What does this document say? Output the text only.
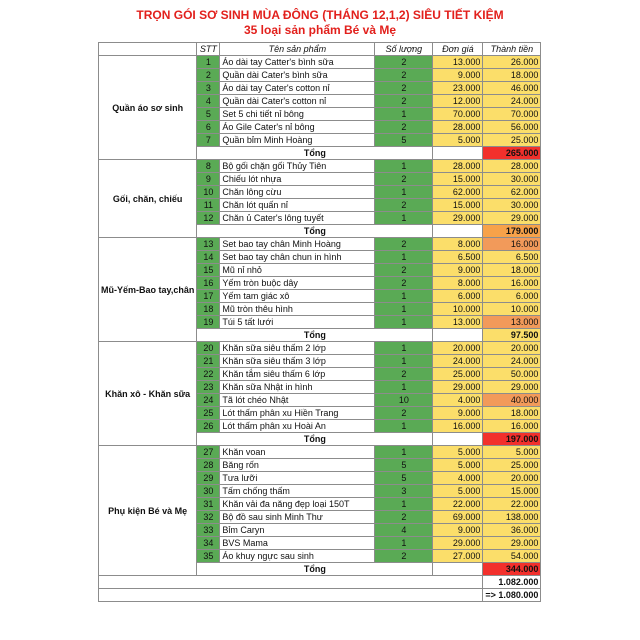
TRỌN GÓI SƠ SINH MÙA ĐÔNG (THÁNG 12,1,2) SIÊU TIẾT KIỆM
35 loại sản phẩm Bé và Mẹ
	STT	Tên sản phẩm	Số lượng	Đơn giá	Thành tiền
Quần áo sơ sinh	1	Áo dài tay Catter's bình sữa	2	13.000	26.000
	2	Quần dài Cater's bình sữa	2	9.000	18.000
	3	Áo dài tay Cater's cotton nỉ	2	23.000	46.000
	4	Quần dài Cater's cotton nỉ	2	12.000	24.000
	5	Set 5 chi tiết nỉ bông	1	70.000	70.000
	6	Áo Gile Cater's nỉ bông	2	28.000	56.000
	7	Quần bỉm Minh Hoàng	5	5.000	25.000
	Tổng				265.000
Gối, chăn, chiếu	8	Bộ gối chặn gối Thủy Tiên	1	28.000	28.000
	9	Chiếu lót nhựa	2	15.000	30.000
	10	Chăn lông cừu	1	62.000	62.000
	11	Chăn lót quấn nỉ	2	15.000	30.000
	12	Chăn ủ Cater's lông tuyết	1	29.000	29.000
	Tổng				179.000
Mũ-Yếm-Bao tay,chân	13	Set bao tay chân Minh Hoàng	2	8.000	16.000
	14	Set bao tay chân chun in hình	1	6.500	6.500
	15	Mũ nỉ nhỏ	2	9.000	18.000
	16	Yếm tròn buộc dây	2	8.000	16.000
	17	Yếm tam giác xô	1	6.000	6.000
	18	Mũ tròn thêu hình	1	10.000	10.000
	19	Túi 5 tất lưới	1	13.000	13.000
	Tổng				97.500
Khăn xô - Khăn sữa	20	Khăn sữa siêu thấm 2 lớp	1	20.000	20.000
	21	Khăn sữa siêu thấm 3 lớp	1	24.000	24.000
	22	Khăn tắm siêu thấm 6 lớp	2	25.000	50.000
	23	Khăn sữa Nhật in hình	1	29.000	29.000
	24	Tã lót chéo Nhật	10	4.000	40.000
	25	Lót thấm phân xu Hiền Trang	2	9.000	18.000
	26	Lót thấm phân xu Hoài An	1	16.000	16.000
	Tổng				197.000
Phụ kiện Bé và Mẹ	27	Khăn voan	1	5.000	5.000
	28	Băng rốn	5	5.000	25.000
	29	Tưa lưỡi	5	4.000	20.000
	30	Tấm chống thấm	3	5.000	15.000
	31	Khăn vải đa năng đẹp loại 150T	1	22.000	22.000
	32	Bộ đồ sau sinh Minh Thư	2	69.000	138.000
	33	Bỉm Caryn	4	9.000	36.000
	34	BVS Mama	1	29.000	29.000
	35	Áo khuy ngực sau sinh	2	27.000	54.000
	Tổng				344.000
					1.082.000
					=> 1.080.000
